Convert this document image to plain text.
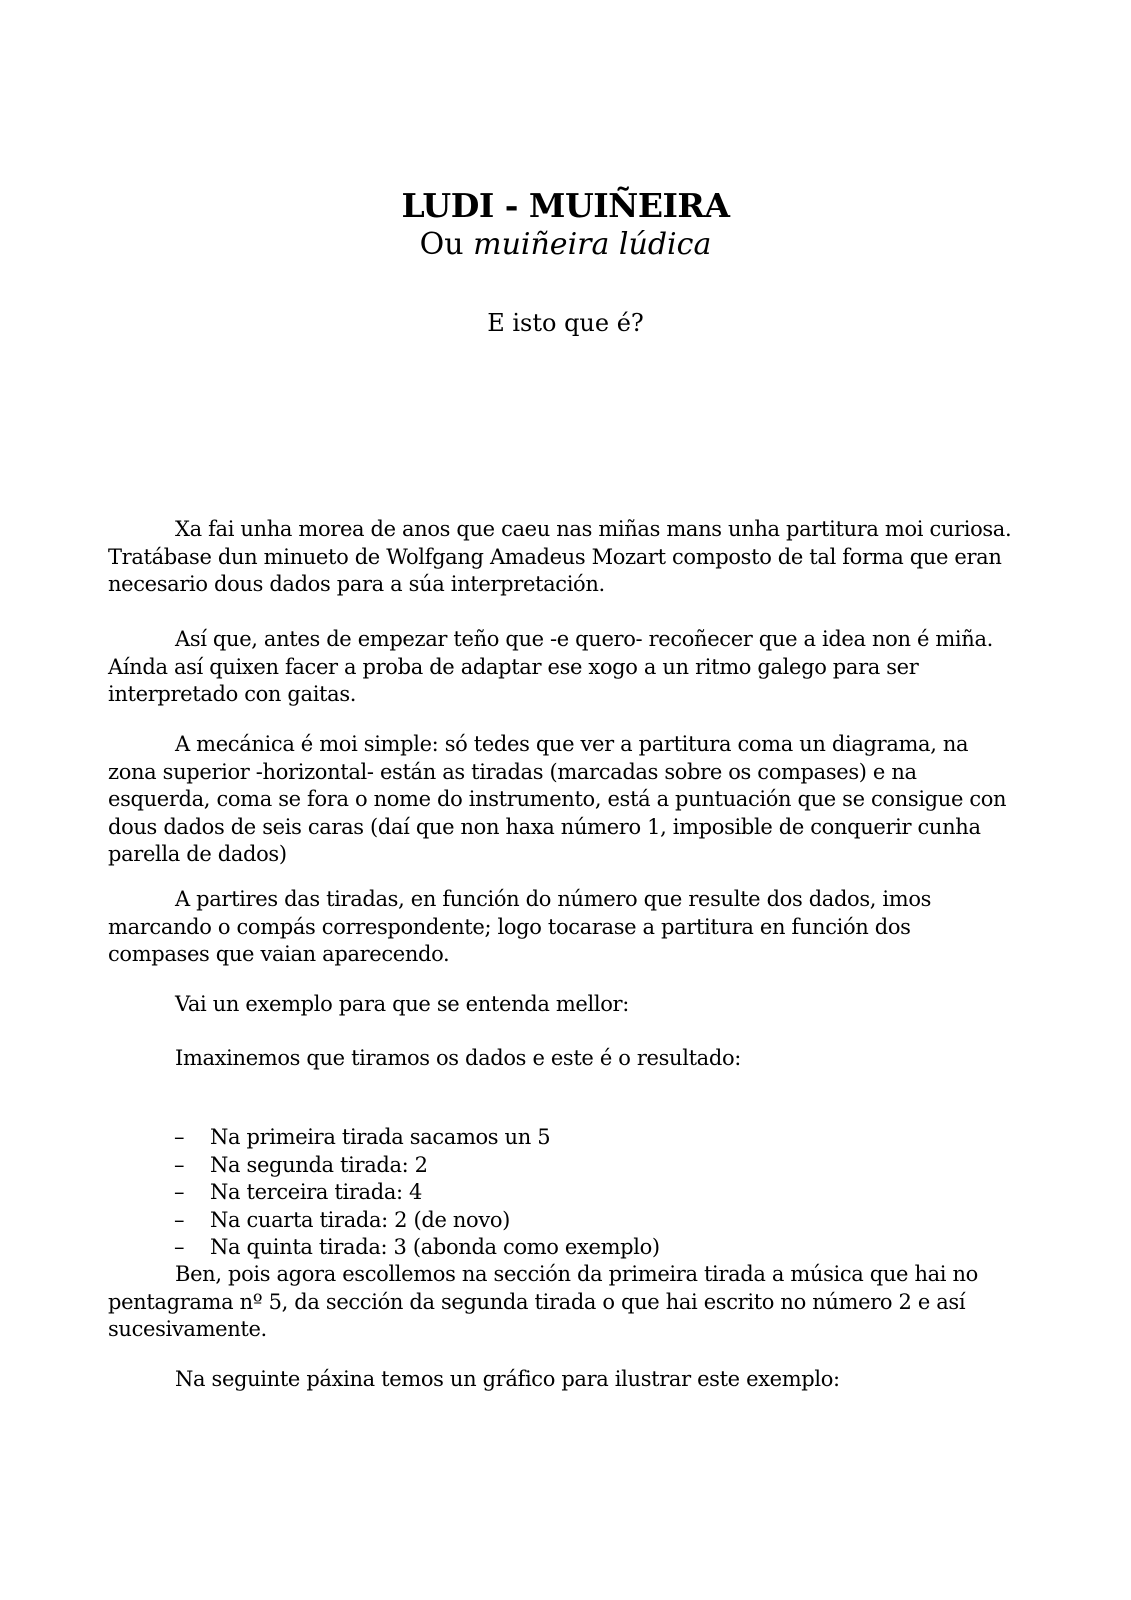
LUDI - MUIÑEIRA
Ou muiñeira lúdica
E isto que é?
Xa fai unha morea de anos que caeu nas miñas mans unha partitura moi curiosa.
Tratábase dun minueto de Wolfgang Amadeus Mozart composto de tal forma que eran
necesario dous dados para a súa interpretación.
Así que, antes de empezar teño que -e quero- recoñecer que a idea non é miña.
Aínda así quixen facer a proba de adaptar ese xogo a un ritmo galego para ser
interpretado con gaitas.
A mecánica é moi simple: só tedes que ver a partitura coma un diagrama, na
zona superior -horizontal- están as tiradas (marcadas sobre os compases) e na
esquerda, coma se fora o nome do instrumento, está a puntuación que se consigue con
dous dados de seis caras (daí que non haxa número 1, imposible de conquerir cunha
parella de dados)
A partires das tiradas, en función do número que resulte dos dados, imos
marcando o compás correspondente; logo tocarase a partitura en función dos
compases que vaian aparecendo.
Vai un exemplo para que se entenda mellor:
Imaxinemos que tiramos os dados e este é o resultado:
– Na primeira tirada sacamos un 5
– Na segunda tirada: 2
– Na terceira tirada: 4
– Na cuarta tirada: 2 (de novo)
– Na quinta tirada: 3 (abonda como exemplo)
Ben, pois agora escollemos na sección da primeira tirada a música que hai no
pentagrama nº 5, da sección da segunda tirada o que hai escrito no número 2 e así
sucesivamente.
Na seguinte páxina temos un gráfico para ilustrar este exemplo:
